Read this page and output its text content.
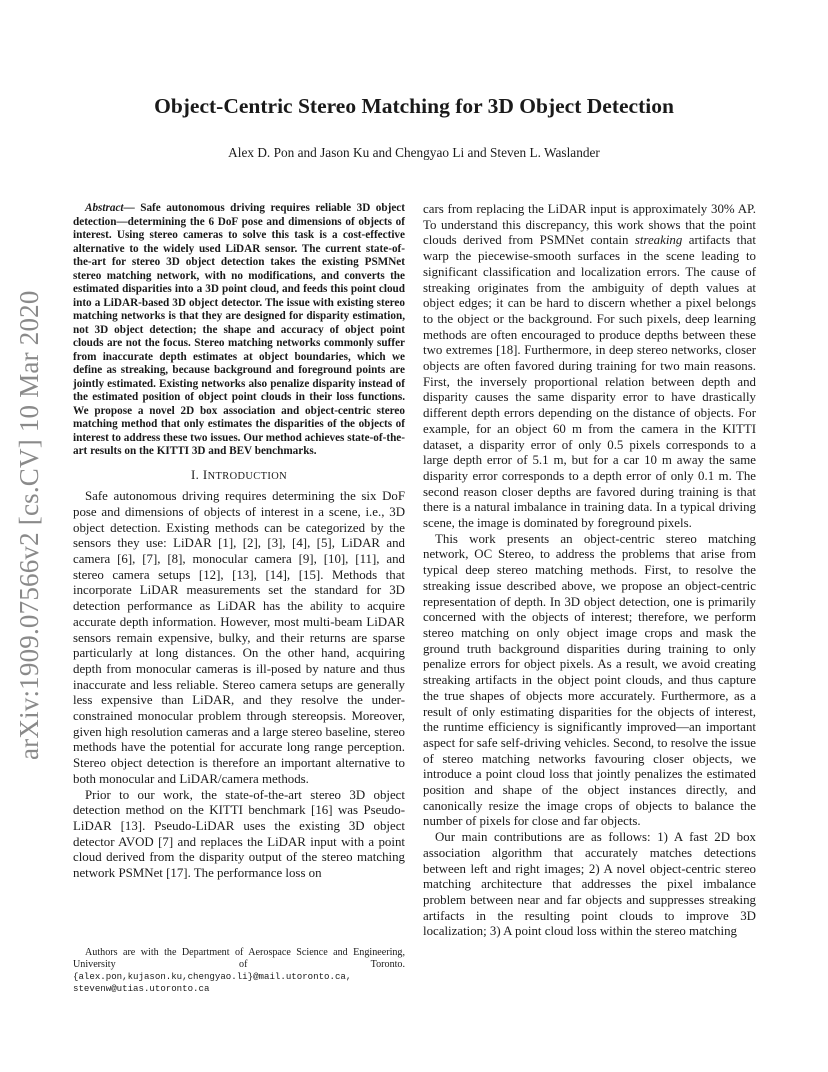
arXiv:1909.07566v2 [cs.CV] 10 Mar 2020
Object-Centric Stereo Matching for 3D Object Detection
Alex D. Pon and Jason Ku and Chengyao Li and Steven L. Waslander

Abstract— Safe autonomous driving requires reliable 3D object detection—determining the 6 DoF pose and dimensions of objects of interest. Using stereo cameras to solve this task is a cost-effective alternative to the widely used LiDAR sensor. The current state-of-the-art for stereo 3D object detection takes the existing PSMNet stereo matching network, with no modifications, and converts the estimated disparities into a 3D point cloud, and feeds this point cloud into a LiDAR-based 3D object detector. The issue with existing stereo matching networks is that they are designed for disparity estimation, not 3D object detection; the shape and accuracy of object point clouds are not the focus. Stereo matching networks commonly suffer from inaccurate depth estimates at object boundaries, which we define as streaking, because background and foreground points are jointly estimated. Existing networks also penalize disparity instead of the estimated position of object point clouds in their loss functions. We propose a novel 2D box association and object-centric stereo matching method that only estimates the disparities of the objects of interest to address these two issues. Our method achieves state-of-the-art results on the KITTI 3D and BEV benchmarks.

I. INTRODUCTION

Safe autonomous driving requires determining the six DoF pose and dimensions of objects of interest in a scene, i.e., 3D object detection. Existing methods can be categorized by the sensors they use: LiDAR [1], [2], [3], [4], [5], LiDAR and camera [6], [7], [8], monocular camera [9], [10], [11], and stereo camera setups [12], [13], [14], [15]. Methods that incorporate LiDAR measurements set the standard for 3D detection performance as LiDAR has the ability to acquire accurate depth information. However, most multi-beam LiDAR sensors remain expensive, bulky, and their returns are sparse particularly at long distances. On the other hand, acquiring depth from monocular cameras is ill-posed by nature and thus inaccurate and less reliable. Stereo camera setups are generally less expensive than LiDAR, and they resolve the under-constrained monocular problem through stereopsis. Moreover, given high resolution cameras and a large stereo baseline, stereo methods have the potential for accurate long range perception. Stereo object detection is therefore an important alternative to both monocular and LiDAR/camera methods.

Prior to our work, the state-of-the-art stereo 3D object detection method on the KITTI benchmark [16] was Pseudo-LiDAR [13]. Pseudo-LiDAR uses the existing 3D object detector AVOD [7] and replaces the LiDAR input with a point cloud derived from the disparity output of the stereo matching network PSMNet [17]. The performance loss on

Authors are with the Department of Aerospace Science and Engineering, University of Toronto. {alex.pon,kujason.ku,chengyao.li}@mail.utoronto.ca, stevenw@utias.utoronto.ca

cars from replacing the LiDAR input is approximately 30% AP. To understand this discrepancy, this work shows that the point clouds derived from PSMNet contain streaking artifacts that warp the piecewise-smooth surfaces in the scene leading to significant classification and localization errors. The cause of streaking originates from the ambiguity of depth values at object edges; it can be hard to discern whether a pixel belongs to the object or the background. For such pixels, deep learning methods are often encouraged to produce depths between these two extremes [18]. Furthermore, in deep stereo networks, closer objects are often favored during training for two main reasons. First, the inversely proportional relation between depth and disparity causes the same disparity error to have drastically different depth errors depending on the distance of objects. For example, for an object 60 m from the camera in the KITTI dataset, a disparity error of only 0.5 pixels corresponds to a large depth error of 5.1 m, but for a car 10 m away the same disparity error corresponds to a depth error of only 0.1 m. The second reason closer depths are favored during training is that there is a natural imbalance in training data. In a typical driving scene, the image is dominated by foreground pixels.

This work presents an object-centric stereo matching network, OC Stereo, to address the problems that arise from typical deep stereo matching methods. First, to resolve the streaking issue described above, we propose an object-centric representation of depth. In 3D object detection, one is primarily concerned with the objects of interest; therefore, we perform stereo matching on only object image crops and mask the ground truth background disparities during training to only penalize errors for object pixels. As a result, we avoid creating streaking artifacts in the object point clouds, and thus capture the true shapes of objects more accurately. Furthermore, as a result of only estimating disparities for the objects of interest, the runtime efficiency is significantly improved—an important aspect for safe self-driving vehicles. Second, to resolve the issue of stereo matching networks favouring closer objects, we introduce a point cloud loss that jointly penalizes the estimated position and shape of the object instances directly, and canonically resize the image crops of objects to balance the number of pixels for close and far objects.

Our main contributions are as follows: 1) A fast 2D box association algorithm that accurately matches detections between left and right images; 2) A novel object-centric stereo matching architecture that addresses the pixel imbalance problem between near and far objects and suppresses streaking artifacts in the resulting point clouds to improve 3D localization; 3) A point cloud loss within the stereo matching
